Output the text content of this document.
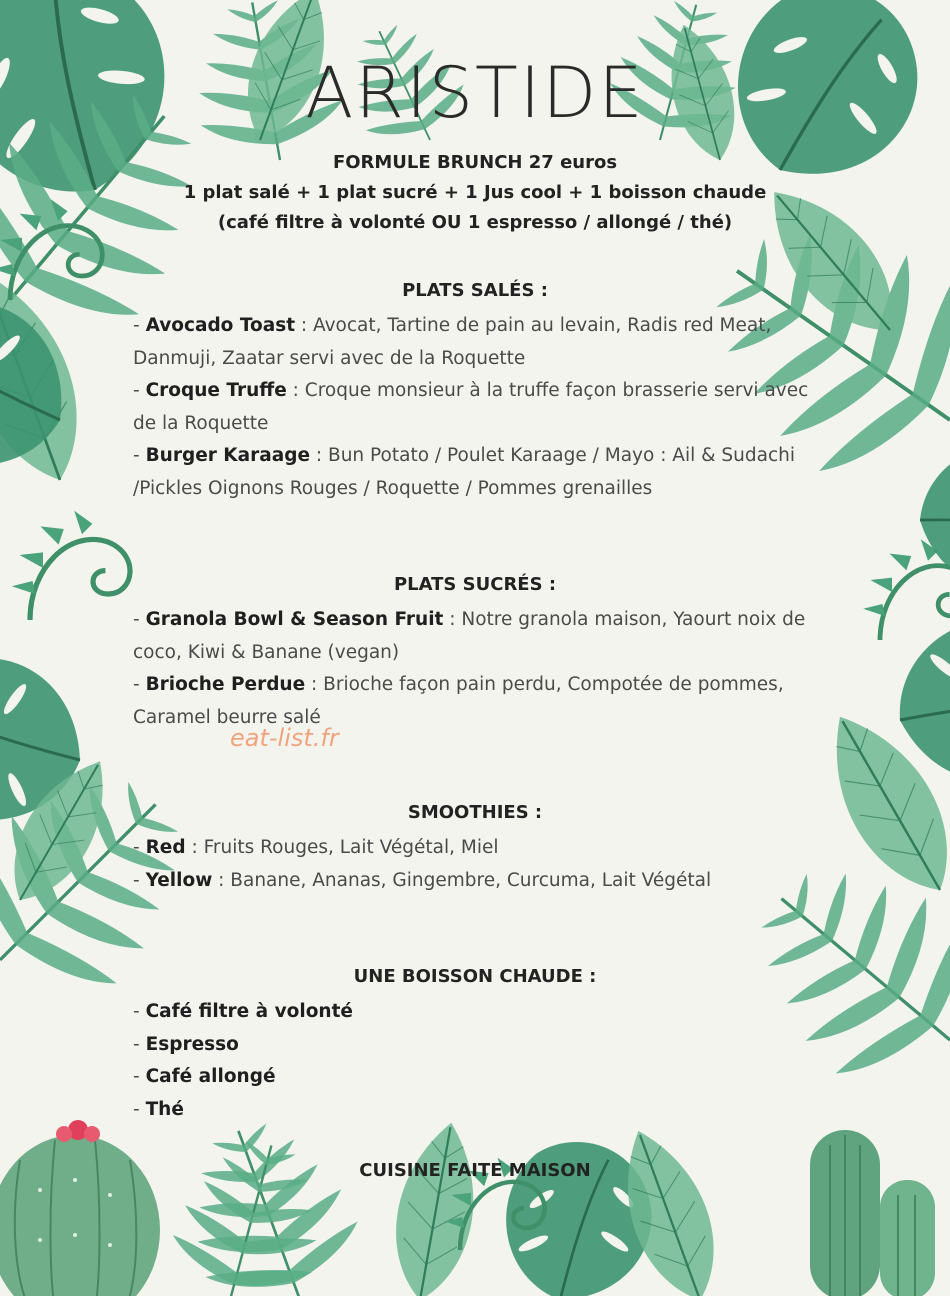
ARISTIDE
FORMULE BRUNCH 27 euros
1 plat salé + 1 plat sucré + 1 Jus cool + 1 boisson chaude
(café filtre à volonté OU 1 espresso / allongé / thé)
PLATS SALÉS :

- Avocado Toast : Avocat, Tartine de pain au levain, Radis red Meat, Danmuji, Zaatar servi avec de la Roquette

- Croque Truffe : Croque monsieur à la truffe façon brasserie servi avec de la Roquette

- Burger Karaage : Bun Potato / Poulet Karaage / Mayo : Ail & Sudachi /Pickles Oignons Rouges / Roquette / Pommes grenailles

PLATS SUCRÉS :

- Granola Bowl & Season Fruit : Notre granola maison, Yaourt noix de coco, Kiwi & Banane (vegan)

- Brioche Perdue : Brioche façon pain perdu, Compotée de pommes, Caramel beurre salé

eat-list.fr
SMOOTHIES :

- Red : Fruits Rouges, Lait Végétal, Miel

- Yellow : Banane, Ananas, Gingembre, Curcuma, Lait Végétal

UNE BOISSON CHAUDE :

- Café filtre à volonté

- Espresso

- Café allongé

- Thé

CUISINE FAITE MAISON
